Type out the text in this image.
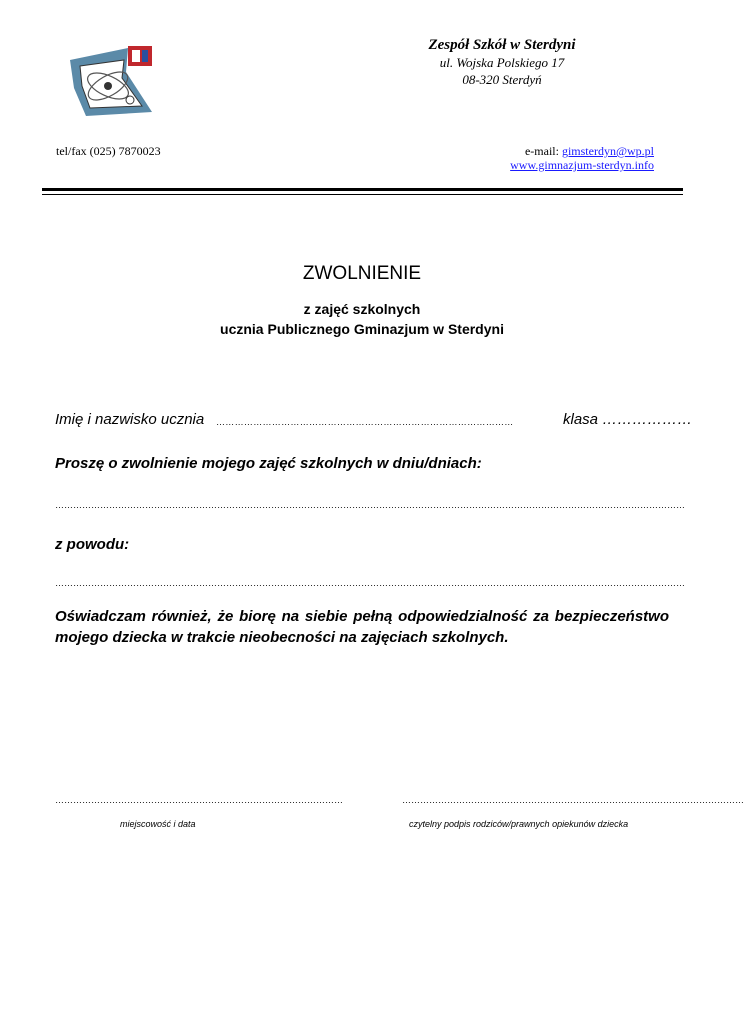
Zespół Szkół w Sterdyni
ul. Wojska Polskiego 17
08-320 Sterdyń
tel/fax (025) 7870023	e-mail: gimsterdyn@wp.pl
www.gimnazjum-sterdyn.info
ZWOLNIENIE
z zajęć szkolnych
ucznia Publicznego Gminazjum w Sterdyni
Imię i nazwisko ucznia ……………………………………………………………………………………	klasa ………………
Proszę o zwolnienie mojego zajęć szkolnych w dniu/dniach:
…………………………………………………………………………………………………………………………………………………………………………………………
z powodu:
…………………………………………………………………………………………………………………………………………………………………………………………
Oświadczam również, że biorę na siebie pełną odpowiedzialność za bezpieczeństwo mojego dziecka w trakcie nieobecności na zajęciach szkolnych.
……………………………………………………………………………………	……………………………………………………………………………………………………
miejscowość i data	czytelny podpis rodziców/prawnych opiekunów dziecka
